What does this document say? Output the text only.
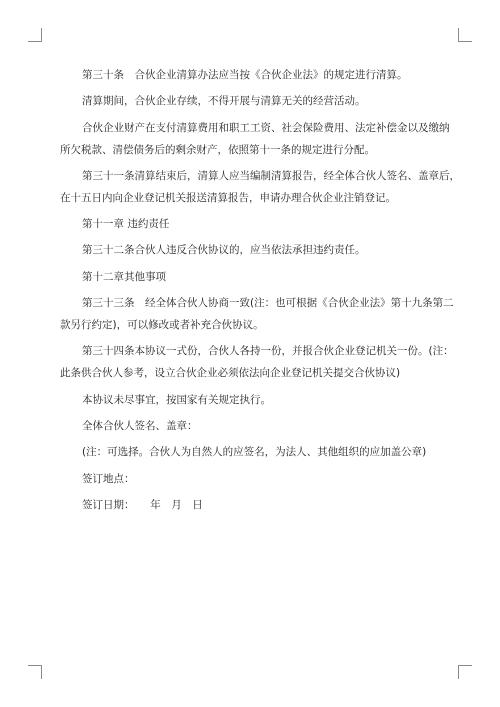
第三十条　合伙企业清算办法应当按《合伙企业法》的规定进行清算。

清算期间，合伙企业存续，不得开展与清算无关的经营活动。

合伙企业财产在支付清算费用和职工工资、社会保险费用、法定补偿金以及缴纳
所欠税款、清偿债务后的剩余财产，依照第十一条的规定进行分配。

第三十一条清算结束后，清算人应当编制清算报告，经全体合伙人签名、盖章后，
在十五日内向企业登记机关报送清算报告，申请办理合伙企业注销登记。

第十一章 违约责任

第三十二条合伙人违反合伙协议的，应当依法承担违约责任。

第十二章其他事项

第三十三条　经全体合伙人协商一致(注：也可根据《合伙企业法》第十九条第二
款另行约定)，可以修改或者补充合伙协议。

第三十四条本协议一式份，合伙人各持一份，并报合伙企业登记机关一份。(注：
此条供合伙人参考，设立合伙企业必须依法向企业登记机关提交合伙协议)

本协议未尽事宜，按国家有关规定执行。

全体合伙人签名、盖章：

(注：可选择。合伙人为自然人的应签名，为法人、其他组织的应加盖公章)

签订地点：

签订日期：　　年　月　日
